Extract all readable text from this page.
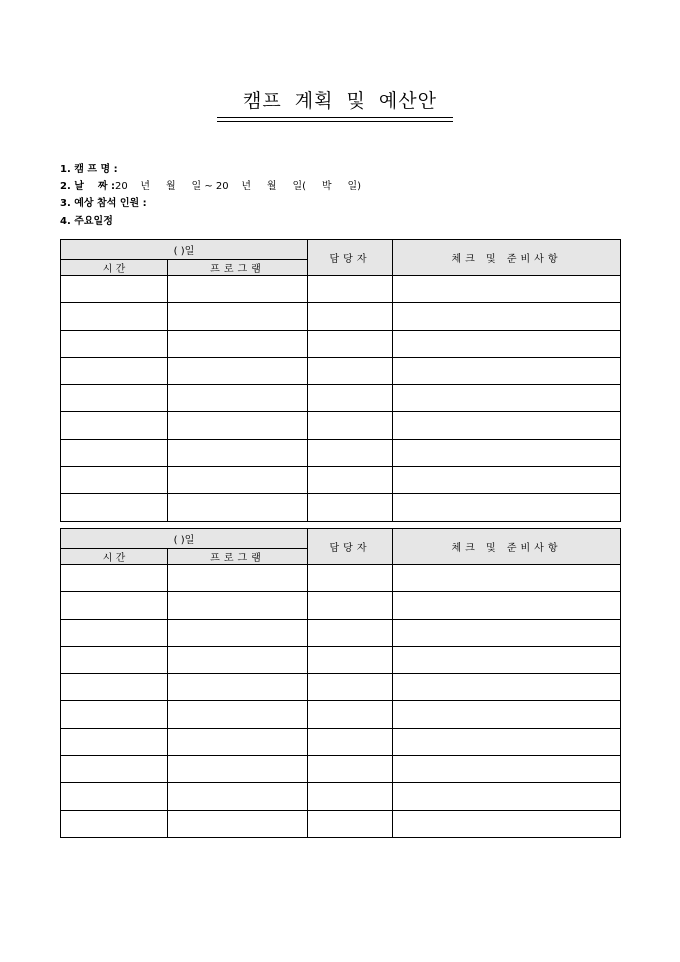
캠프 계획 및 예산안
1. 캠 프 명 :
2. 날    짜 :20    년     월     일 ~ 20    년     월     일(     박     일)
3. 예상 참석 인원 :
4. 주요일정
( )일		담당자	체크 및 준비사항
시 간	프로그램		

( )일		담당자	체크 및 준비사항
시 간	프로그램		
